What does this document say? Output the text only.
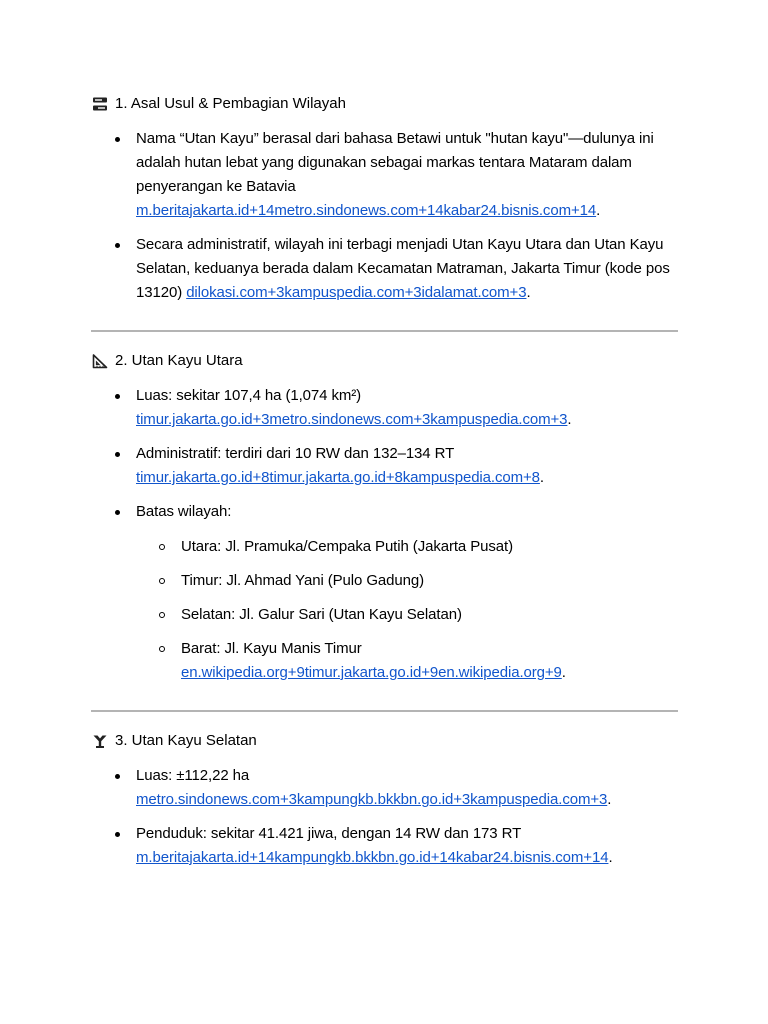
1. Asal Usul & Pembagian Wilayah
Nama “Utan Kayu” berasal dari bahasa Betawi untuk "hutan kayu"—dulunya ini adalah hutan lebat yang digunakan sebagai markas tentara Mataram dalam penyerangan ke Batavia
m.beritajakarta.id+14metro.sindonews.com+14kabar24.bisnis.com+14.
Secara administratif, wilayah ini terbagi menjadi Utan Kayu Utara dan Utan Kayu Selatan, keduanya berada dalam Kecamatan Matraman, Jakarta Timur (kode pos 13120) dilokasi.com+3kampuspedia.com+3idalamat.com+3.
2. Utan Kayu Utara
Luas: sekitar 107,4 ha (1,074 km²)
timur.jakarta.go.id+3metro.sindonews.com+3kampuspedia.com+3.
Administratif: terdiri dari 10 RW dan 132–134 RT
timur.jakarta.go.id+8timur.jakarta.go.id+8kampuspedia.com+8.
Batas wilayah:
Utara: Jl. Pramuka/Cempaka Putih (Jakarta Pusat)
Timur: Jl. Ahmad Yani (Pulo Gadung)
Selatan: Jl. Galur Sari (Utan Kayu Selatan)
Barat: Jl. Kayu Manis Timur
en.wikipedia.org+9timur.jakarta.go.id+9en.wikipedia.org+9.
3. Utan Kayu Selatan
Luas: ±112,22 ha
metro.sindonews.com+3kampungkb.bkkbn.go.id+3kampuspedia.com+3.
Penduduk: sekitar 41.421 jiwa, dengan 14 RW dan 173 RT
m.beritajakarta.id+14kampungkb.bkkbn.go.id+14kabar24.bisnis.com+14.
